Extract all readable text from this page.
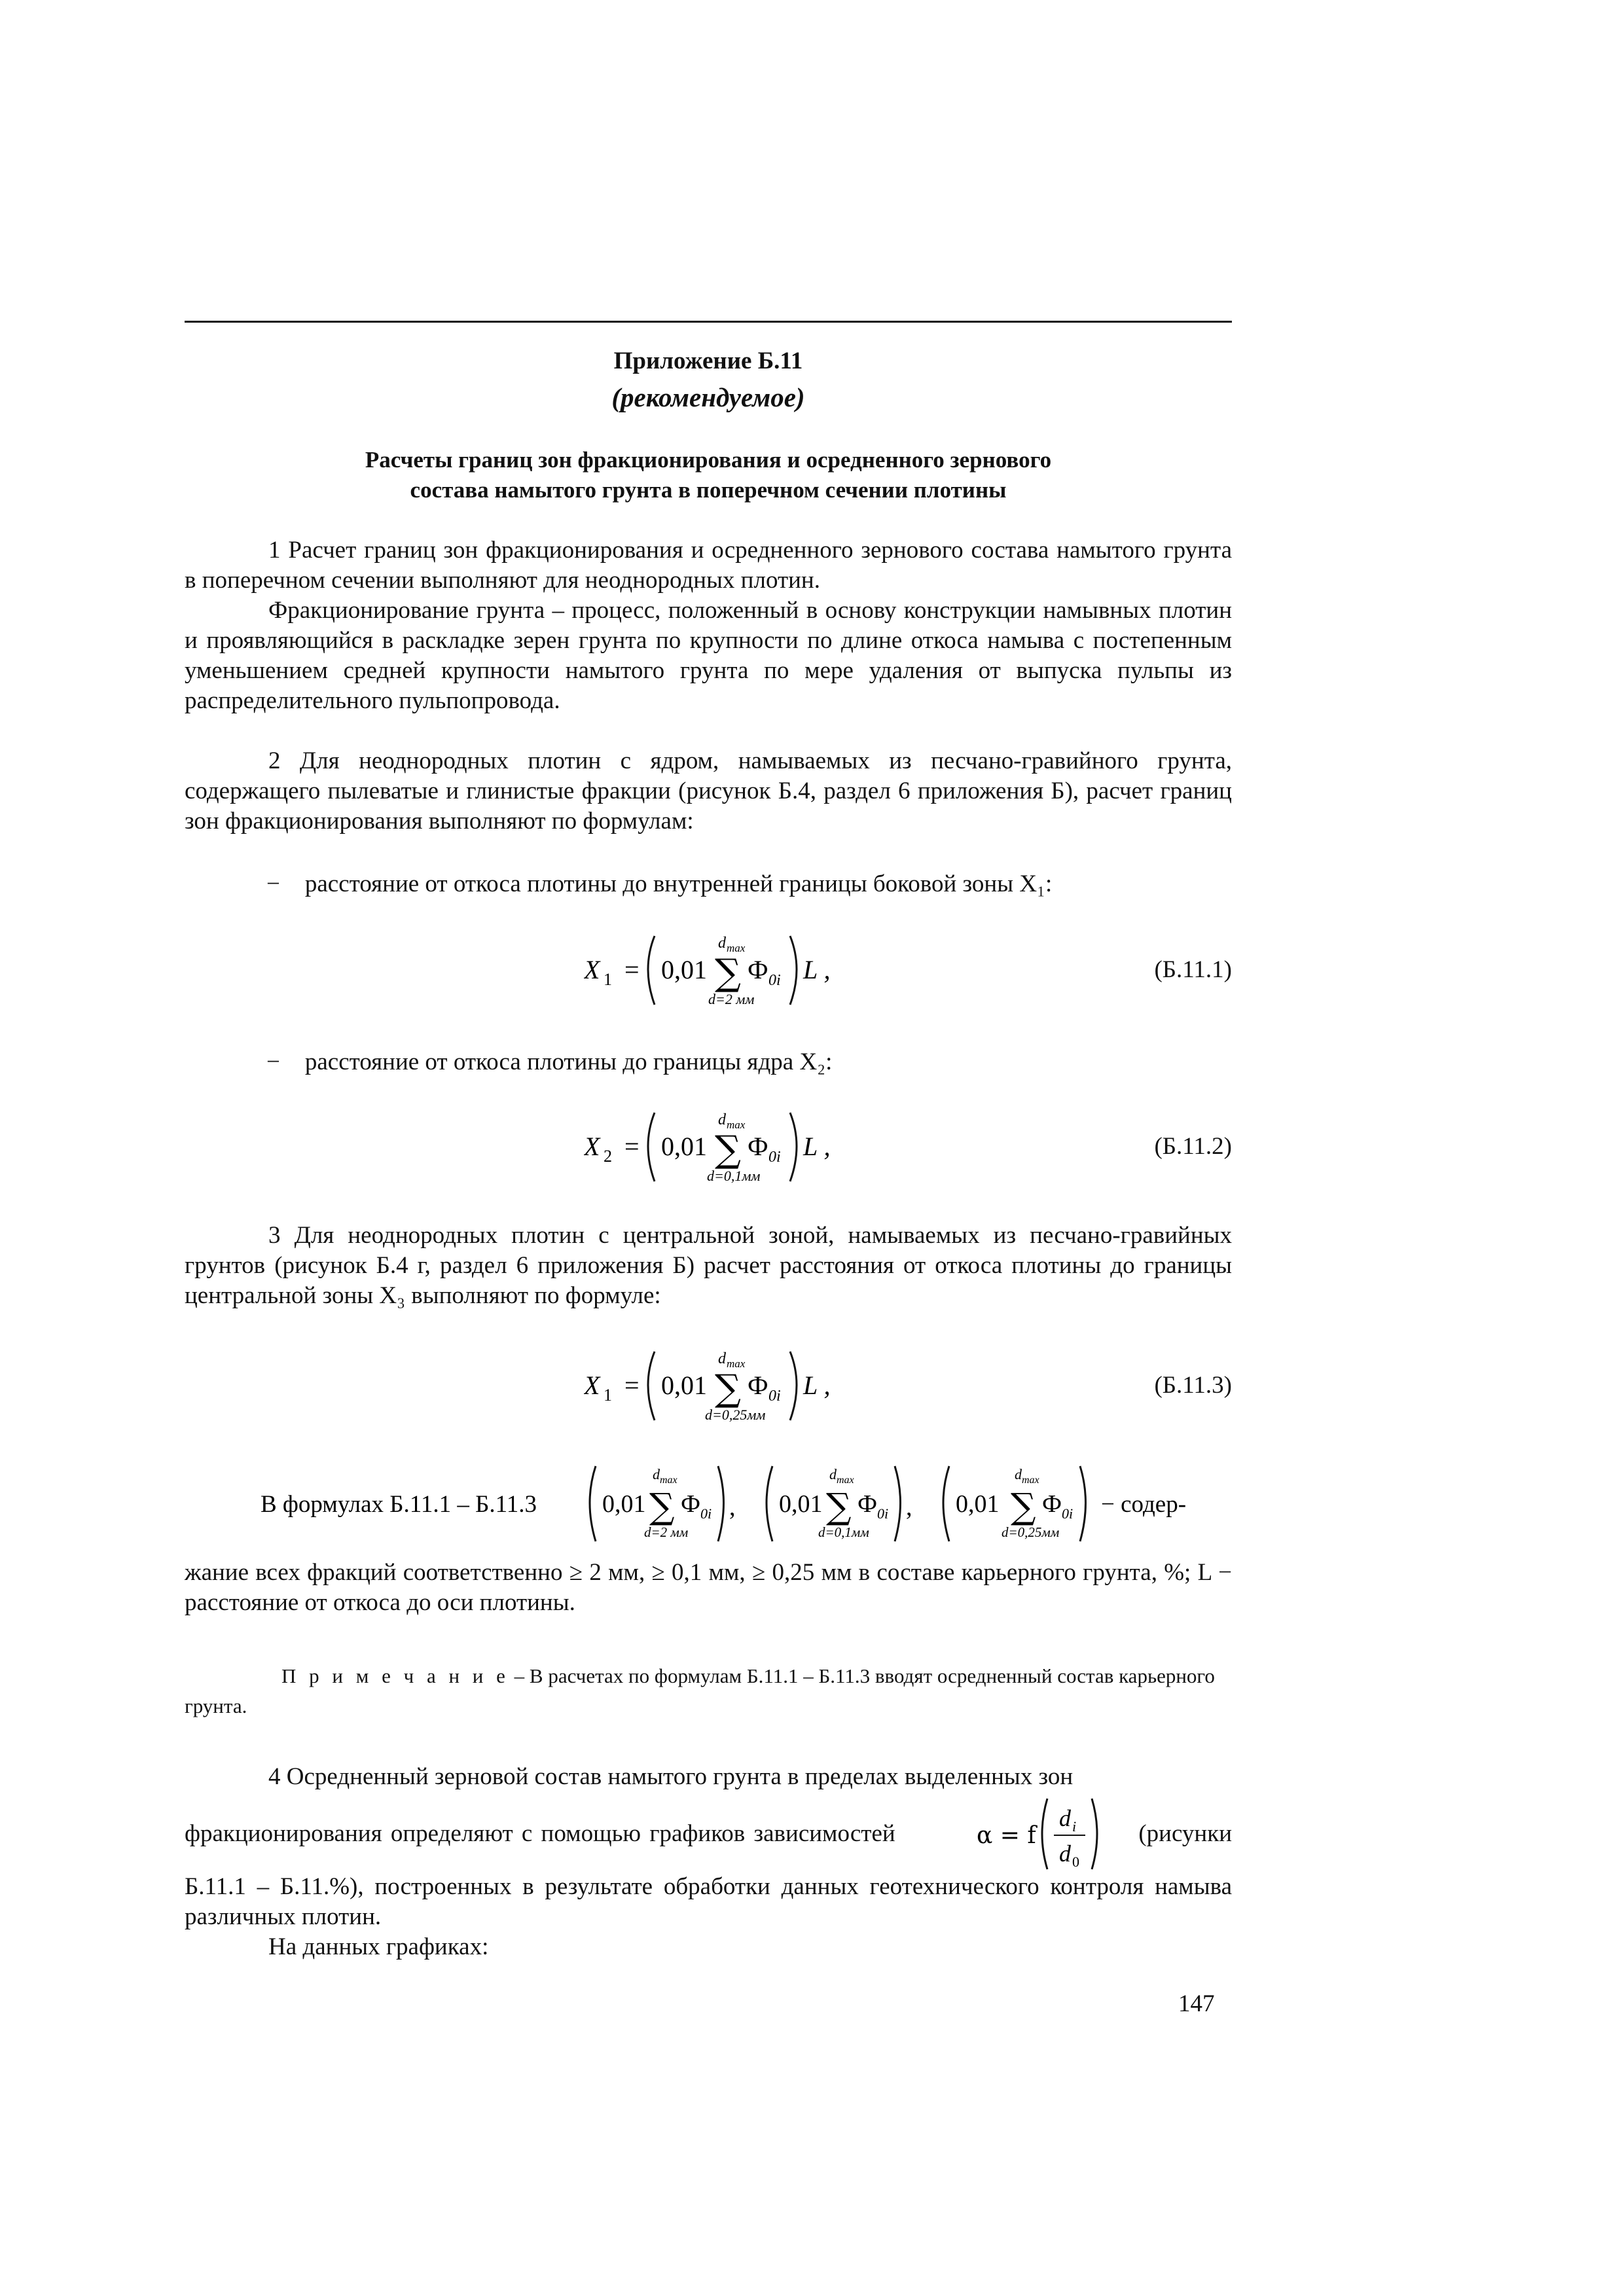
Приложение Б.11
(рекомендуемое)
Расчеты границ зон фракционирования и осредненного зернового
состава намытого грунта в поперечном сечении плотины
1 Расчет границ зон фракционирования и осредненного зернового состава намытого грунта в поперечном сечении выполняют для неоднородных плотин.
Фракционирование грунта – процесс, положенный в основу конструкции намывных плотин и проявляющийся в раскладке зерен грунта по крупности по длине откоса намыва с постепенным уменьшением средней крупности намытого грунта по мере удаления от выпуска пульпы из распределительного пульпопровода.
2 Для неоднородных плотин с ядром, намываемых из песчано-гравийного грунта, содержащего пылеватые и глинистые фракции (рисунок Б.4, раздел 6 приложения Б), расчет границ зон фракционирования выполняют по формулам:
− расстояние от откоса плотины до внутренней границы боковой зоны X₁:
X 1 = 0,01
d max
∑
d=2 мм
Ф 0i L ,	(Б.11.1)
− расстояние от откоса плотины до границы ядра X₂:
X 2 = 0,01
d max
∑
d=0,1мм
Ф 0i L ,	(Б.11.2)
3 Для неоднородных плотин с центральной зоной, намываемых из песчано-гравийных грунтов (рисунок Б.4 г, раздел 6 приложения Б) расчет расстояния от откоса плотины до границы центральной зоны X₃ выполняют по формуле:
X 1 = 0,01
d max
∑
d=0,25мм
Ф 0i L ,	(Б.11.3)
В формулах Б.11.1 – Б.11.3	0,01
d max
∑
d=2 мм
Ф 0i , 0,01
d max
∑
d=0,1мм
Ф 0i , 0,01
d max
∑
d=0,25мм
Ф 0i − содер-
жание всех фракций соответственно ≥ 2 мм, ≥ 0,1 мм, ≥ 0,25 мм в составе карьерного грунта, %; L − расстояние от откоса до оси плотины.
П р и м е ч а н и е – В расчетах по формулам Б.11.1 – Б.11.3 вводят осредненный состав карьерного грунта.
4 Осредненный зерновой состав намытого грунта в пределах выделенных зон
фракционирования определяют с помощью графиков зависимостей	α = f
d i
d 0
(рисунки
Б.11.1 – Б.11.%), построенных в результате обработки данных геотехнического контроля намыва различных плотин.
На данных графиках:
147
